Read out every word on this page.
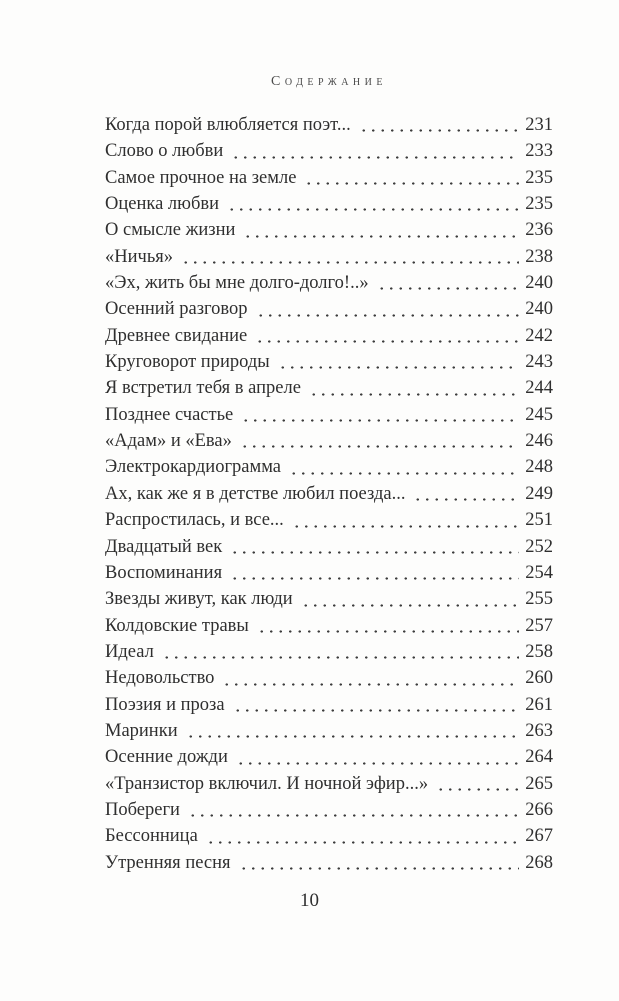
Содержание
Когда порой влюбляется поэт...	231
Слово о любви	233
Самое прочное на земле	235
Оценка любви	235
О смысле жизни	236
«Ничья»	238
«Эх, жить бы мне долго-долго!..»	240
Осенний разговор	240
Древнее свидание	242
Круговорот природы	243
Я встретил тебя в апреле	244
Позднее счастье	245
«Адам» и «Ева»	246
Электрокардиограмма	248
Ах, как же я в детстве любил поезда...	249
Распростилась, и все...	251
Двадцатый век	252
Воспоминания	254
Звезды живут, как люди	255
Колдовские травы	257
Идеал	258
Недовольство	260
Поэзия и проза	261
Маринки	263
Осенние дожди	264
«Транзистор включил. И ночной эфир...»	265
Побереги	266
Бессонница	267
Утренняя песня	268
10
